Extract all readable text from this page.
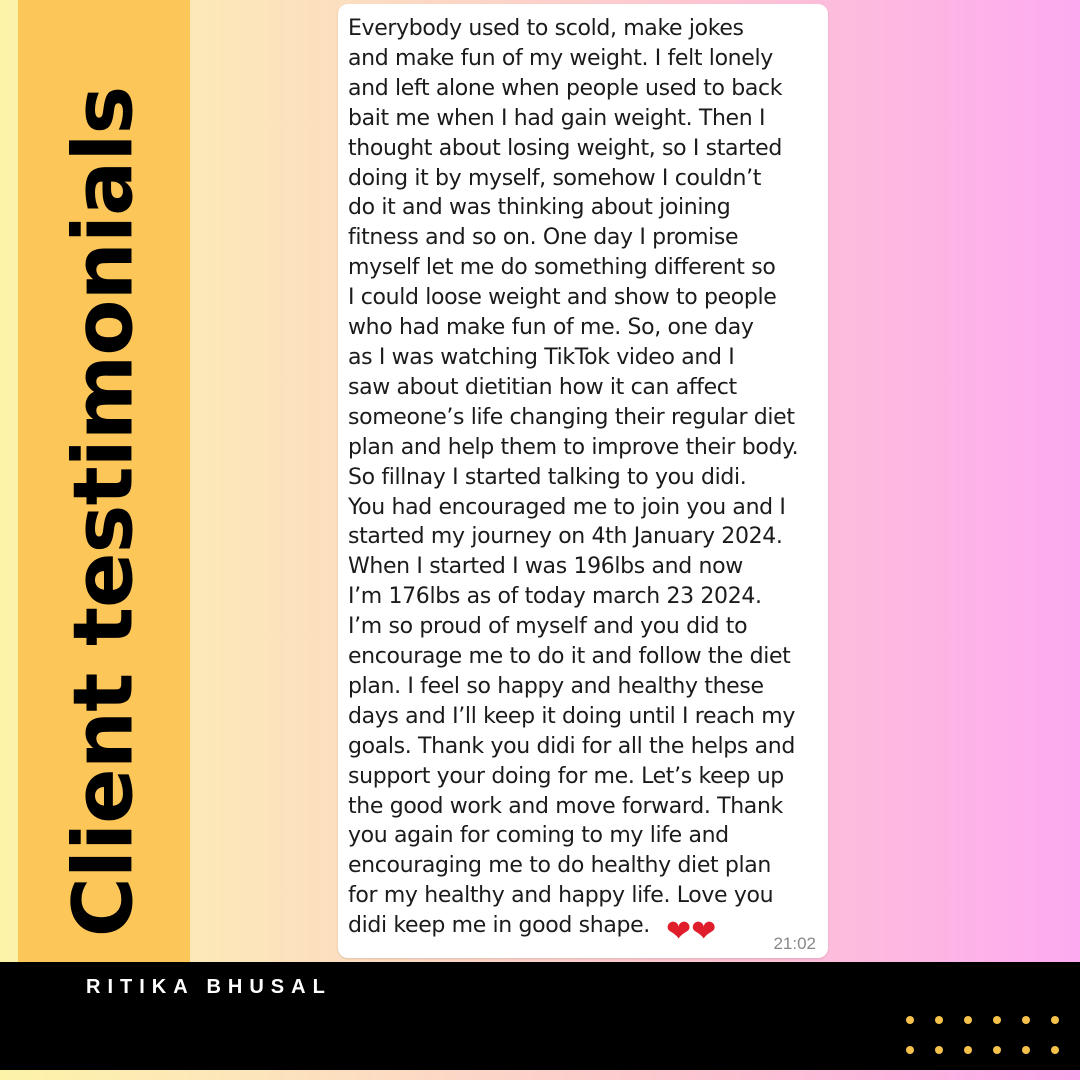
Client testimonials

Everybody used to scold, make jokes
and make fun of my weight. I felt lonely
and left alone when people used to back
bait me when I had gain weight. Then I
thought about losing weight, so I started
doing it by myself, somehow I couldn’t
do it and was thinking about joining
fitness and so on. One day I promise
myself let me do something different so
I could loose weight and show to people
who had make fun of me. So, one day
as I was watching TikTok video and I
saw about dietitian how it can affect
someone’s life changing their regular diet
plan and help them to improve their body.
So fillnay I started talking to you didi.
You had encouraged me to join you and I
started my journey on 4th January 2024.
When I started I was 196lbs and now
I’m 176lbs as of today march 23 2024.
I’m so proud of myself and you did to
encourage me to do it and follow the diet
plan. I feel so happy and healthy these
days and I’ll keep it doing until I reach my
goals. Thank you didi for all the helps and
support your doing for me. Let’s keep up
the good work and move forward. Thank
you again for coming to my life and
encouraging me to do healthy diet plan
for my healthy and happy life. Love you
didi keep me in good shape. ❤❤	21:02
RITIKA BHUSAL
